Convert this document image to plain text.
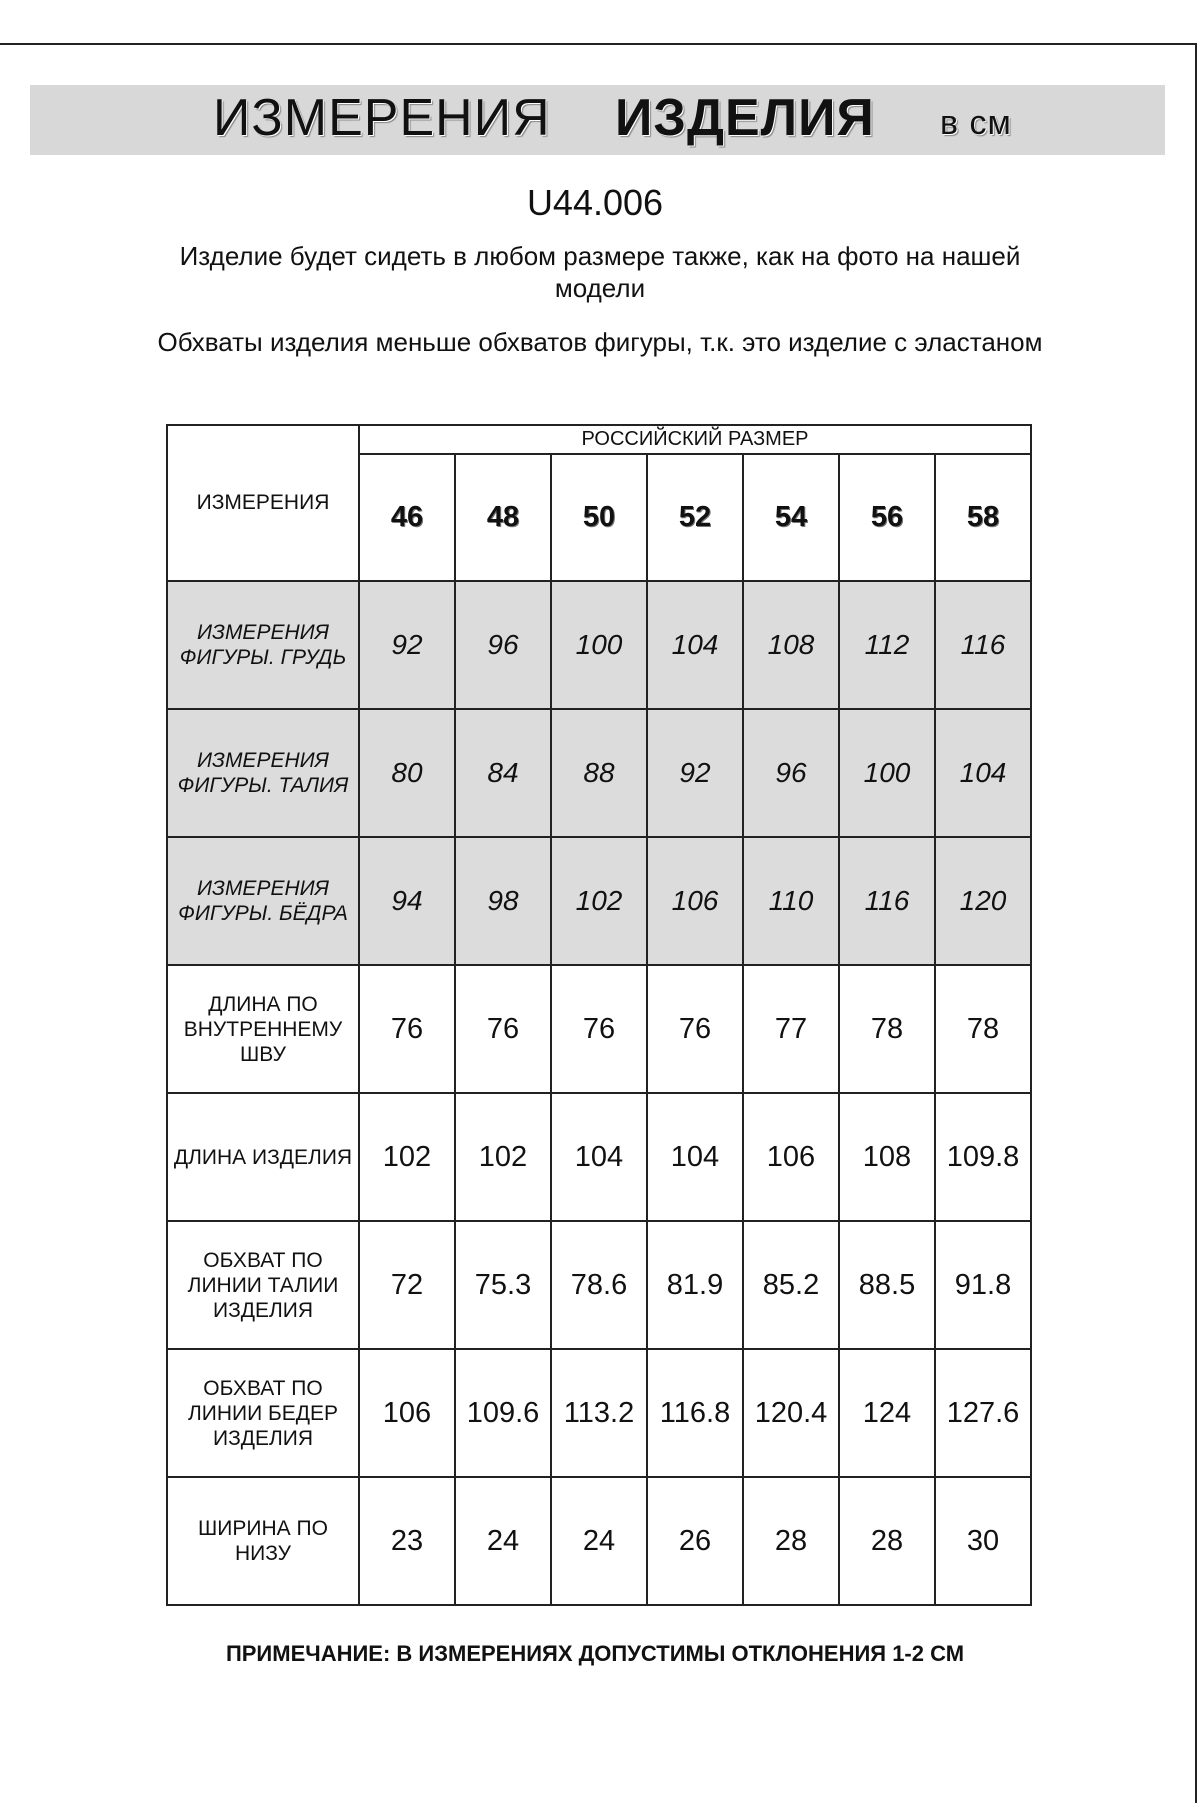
ИЗМЕРЕНИЯ ИЗДЕЛИЯ в см
U44.006
Изделие будет сидеть в любом размере также, как на фото на нашей модели
Обхваты изделия меньше обхватов фигуры, т.к. это изделие с эластаном
ИЗМЕРЕНИЯ	РОССИЙСКИЙ РАЗМЕР						
	46	48	50	52	54	56	58
ИЗМЕРЕНИЯ ФИГУРЫ. ГРУДЬ	92	96	100	104	108	112	116
ИЗМЕРЕНИЯ ФИГУРЫ. ТАЛИЯ	80	84	88	92	96	100	104
ИЗМЕРЕНИЯ ФИГУРЫ. БЁДРА	94	98	102	106	110	116	120
ДЛИНА ПО ВНУТРЕННЕМУ ШВУ	76	76	76	76	77	78	78
ДЛИНА ИЗДЕЛИЯ	102	102	104	104	106	108	109.8
ОБХВАТ ПО ЛИНИИ ТАЛИИ ИЗДЕЛИЯ	72	75.3	78.6	81.9	85.2	88.5	91.8
ОБХВАТ ПО ЛИНИИ БЕДЕР ИЗДЕЛИЯ	106	109.6	113.2	116.8	120.4	124	127.6
ШИРИНА ПО НИЗУ	23	24	24	26	28	28	30
ПРИМЕЧАНИЕ: В ИЗМЕРЕНИЯХ ДОПУСТИМЫ ОТКЛОНЕНИЯ 1-2 СМ
